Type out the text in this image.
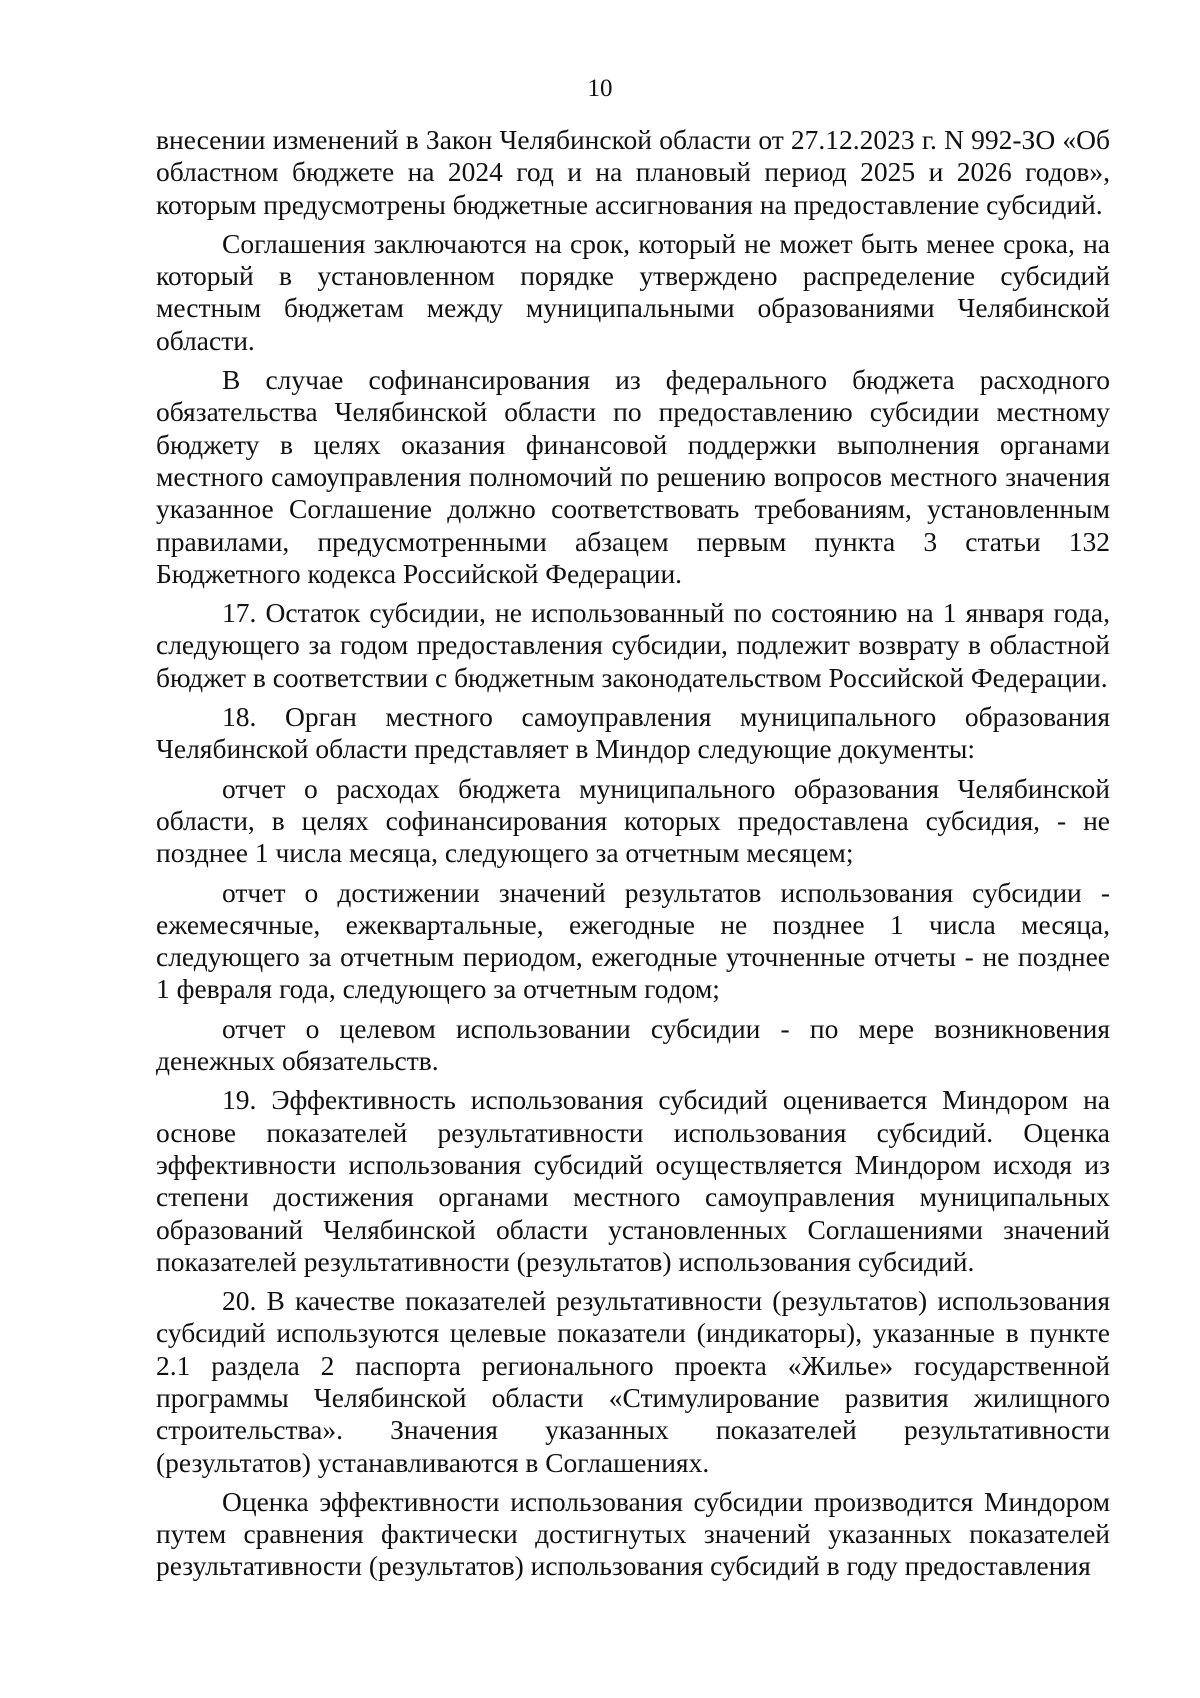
10

внесении изменений в Закон Челябинской области от 27.12.2023 г. N 992-ЗО «Об областном бюджете на 2024 год и на плановый период 2025 и 2026 годов», которым предусмотрены бюджетные ассигнования на предоставление субсидий.

Соглашения заключаются на срок, который не может быть менее срока, на который в установленном порядке утверждено распределение субсидий местным бюджетам между муниципальными образованиями Челябинской области.

В случае софинансирования из федерального бюджета расходного обязательства Челябинской области по предоставлению субсидии местному бюджету в целях оказания финансовой поддержки выполнения органами местного самоуправления полномочий по решению вопросов местного значения указанное Соглашение должно соответствовать требованиям, установленным правилами, предусмотренными абзацем первым пункта 3 статьи 132 Бюджетного кодекса Российской Федерации.

17. Остаток субсидии, не использованный по состоянию на 1 января года, следующего за годом предоставления субсидии, подлежит возврату в областной бюджет в соответствии с бюджетным законодательством Российской Федерации.

18. Орган местного самоуправления муниципального образования Челябинской области представляет в Миндор следующие документы:

отчет о расходах бюджета муниципального образования Челябинской области, в целях софинансирования которых предоставлена субсидия, - не позднее 1 числа месяца, следующего за отчетным месяцем;

отчет о достижении значений результатов использования субсидии - ежемесячные, ежеквартальные, ежегодные не позднее 1 числа месяца, следующего за отчетным периодом, ежегодные уточненные отчеты - не позднее 1 февраля года, следующего за отчетным годом;

отчет о целевом использовании субсидии - по мере возникновения денежных обязательств.

19. Эффективность использования субсидий оценивается Миндором на основе показателей результативности использования субсидий. Оценка эффективности использования субсидий осуществляется Миндором исходя из степени достижения органами местного самоуправления муниципальных образований Челябинской области установленных Соглашениями значений показателей результативности (результатов) использования субсидий.

20. В качестве показателей результативности (результатов) использования субсидий используются целевые показатели (индикаторы), указанные в пункте 2.1 раздела 2 паспорта регионального проекта «Жилье» государственной программы Челябинской области «Стимулирование развития жилищного строительства». Значения указанных показателей результативности (результатов) устанавливаются в Соглашениях.

Оценка эффективности использования субсидии производится Миндором путем сравнения фактически достигнутых значений указанных показателей результативности (результатов) использования субсидий в году предоставления
